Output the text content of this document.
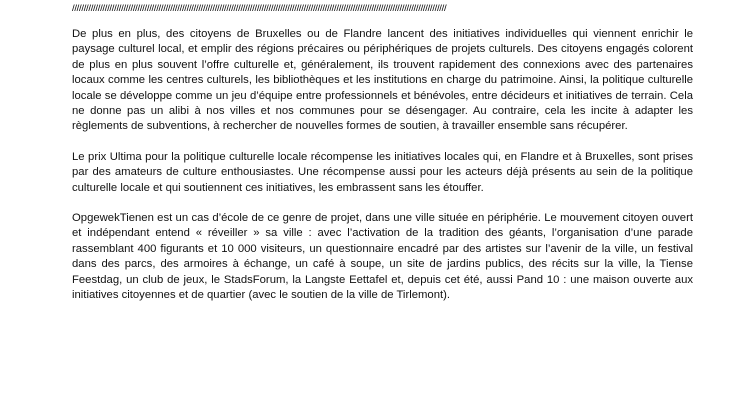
////////////////////////////////////////////////////////////////////////////////////////////////////////////////////////////////////////////////////////////////

De plus en plus, des citoyens de Bruxelles ou de Flandre lancent des initiatives individuelles qui viennent enrichir le paysage culturel local, et emplir des régions précaires ou périphériques de projets culturels. Des citoyens engagés colorent de plus en plus souvent l’offre culturelle et, généralement, ils trouvent rapidement des connexions avec des partenaires locaux comme les centres culturels, les bibliothèques et les institutions en charge du patrimoine. Ainsi, la politique culturelle locale se développe comme un jeu d’équipe entre professionnels et bénévoles, entre décideurs et initiatives de terrain. Cela ne donne pas un alibi à nos villes et nos communes pour se désengager. Au contraire, cela les incite à adapter les règlements de subventions, à rechercher de nouvelles formes de soutien, à travailler ensemble sans récupérer.

Le prix Ultima pour la politique culturelle locale récompense les initiatives locales qui, en Flandre et à Bruxelles, sont prises par des amateurs de culture enthousiastes. Une récompense aussi pour les acteurs déjà présents au sein de la politique culturelle locale et qui soutiennent ces initiatives, les embrassent sans les étouffer.

OpgewekTienen est un cas d’école de ce genre de projet, dans une ville située en périphérie. Le mouvement citoyen ouvert et indépendant entend « réveiller » sa ville : avec l’activation de la tradition des géants, l’organisation d’une parade rassemblant 400 figurants et 10 000 visiteurs, un questionnaire encadré par des artistes sur l’avenir de la ville, un festival dans des parcs, des armoires à échange, un café à soupe, un site de jardins publics, des récits sur la ville, la Tiense Feestdag, un club de jeux, le StadsForum, la Langste Eettafel et, depuis cet été, aussi Pand 10 : une maison ouverte aux initiatives citoyennes et de quartier (avec le soutien de la ville de Tirlemont).
